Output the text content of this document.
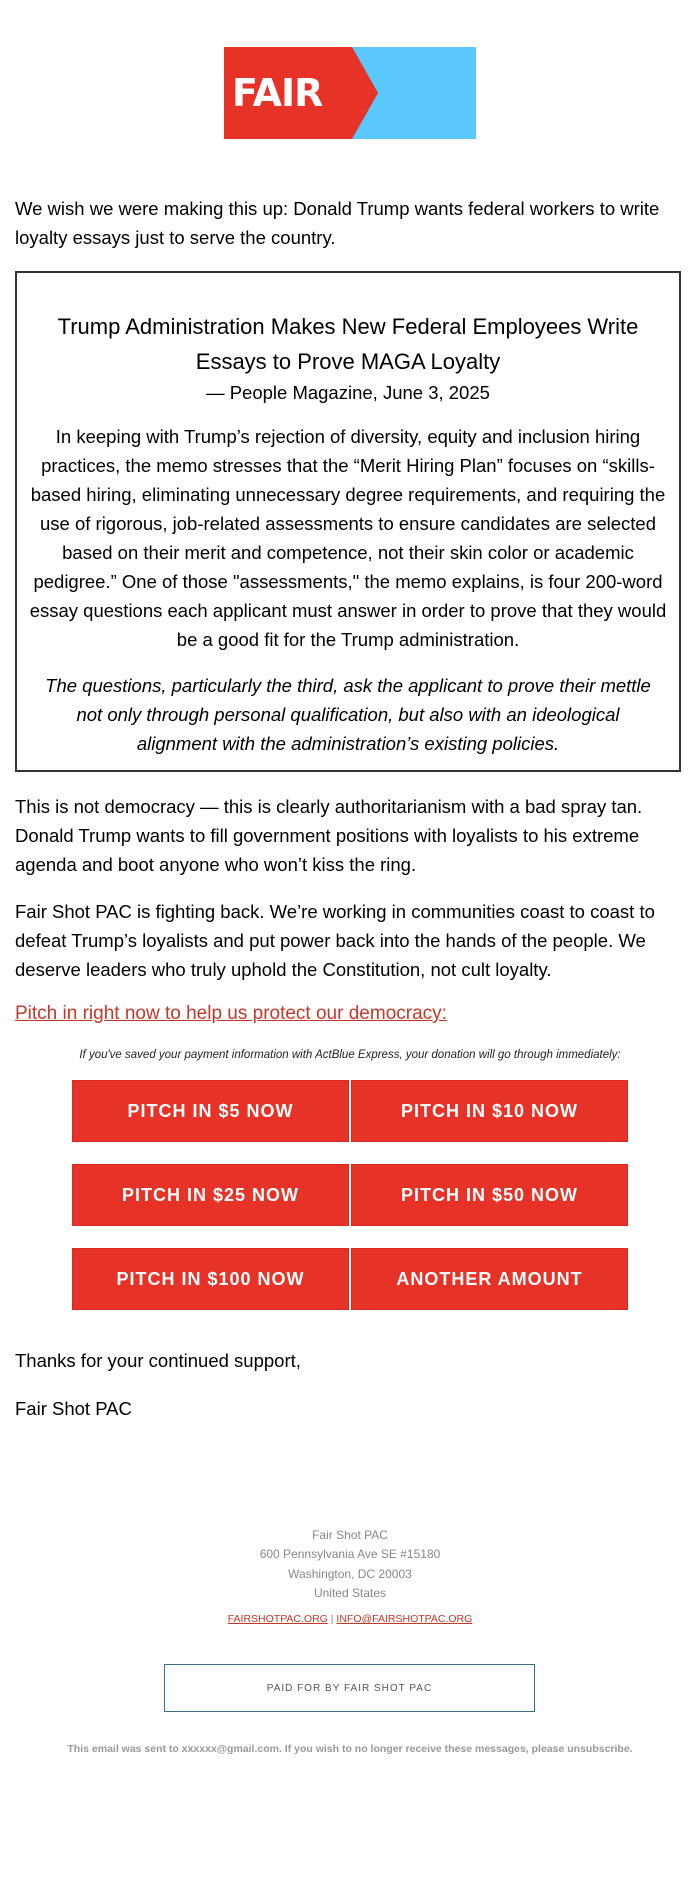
FAIR	SHOT

We wish we were making this up: Donald Trump wants federal workers to write loyalty essays just to serve the country.

Trump Administration Makes New Federal Employees Write Essays to Prove MAGA Loyalty
— People Magazine, June 3, 2025
In keeping with Trump’s rejection of diversity, equity and inclusion hiring practices, the memo stresses that the “Merit Hiring Plan” focuses on “skills-based hiring, eliminating unnecessary degree requirements, and requiring the use of rigorous, job-related assessments to ensure candidates are selected based on their merit and competence, not their skin color or academic pedigree.” One of those "assessments," the memo explains, is four 200-word essay questions each applicant must answer in order to prove that they would be a good fit for the Trump administration.
The questions, particularly the third, ask the applicant to prove their mettle not only through personal qualification, but also with an ideological alignment with the administration’s existing policies.

This is not democracy — this is clearly authoritarianism with a bad spray tan. Donald Trump wants to fill government positions with loyalists to his extreme agenda and boot anyone who won’t kiss the ring.

Fair Shot PAC is fighting back. We’re working in communities coast to coast to defeat Trump’s loyalists and put power back into the hands of the people. We deserve leaders who truly uphold the Constitution, not cult loyalty.

Pitch in right now to help us protect our democracy:
If you've saved your payment information with ActBlue Express, your donation will go through immediately:
PITCH IN $5 NOW	PITCH IN $10 NOW
PITCH IN $25 NOW	PITCH IN $50 NOW
PITCH IN $100 NOW	ANOTHER AMOUNT
Thanks for your continued support,
Fair Shot PAC
Fair Shot PAC
600 Pennsylvania Ave SE #15180
Washington, DC 20003
United States
FAIRSHOTPAC.ORG | INFO@FAIRSHOTPAC.ORG
PAID FOR BY FAIR SHOT PAC
This email was sent to xxxxxx@gmail.com. If you wish to no longer receive these messages, please unsubscribe.
